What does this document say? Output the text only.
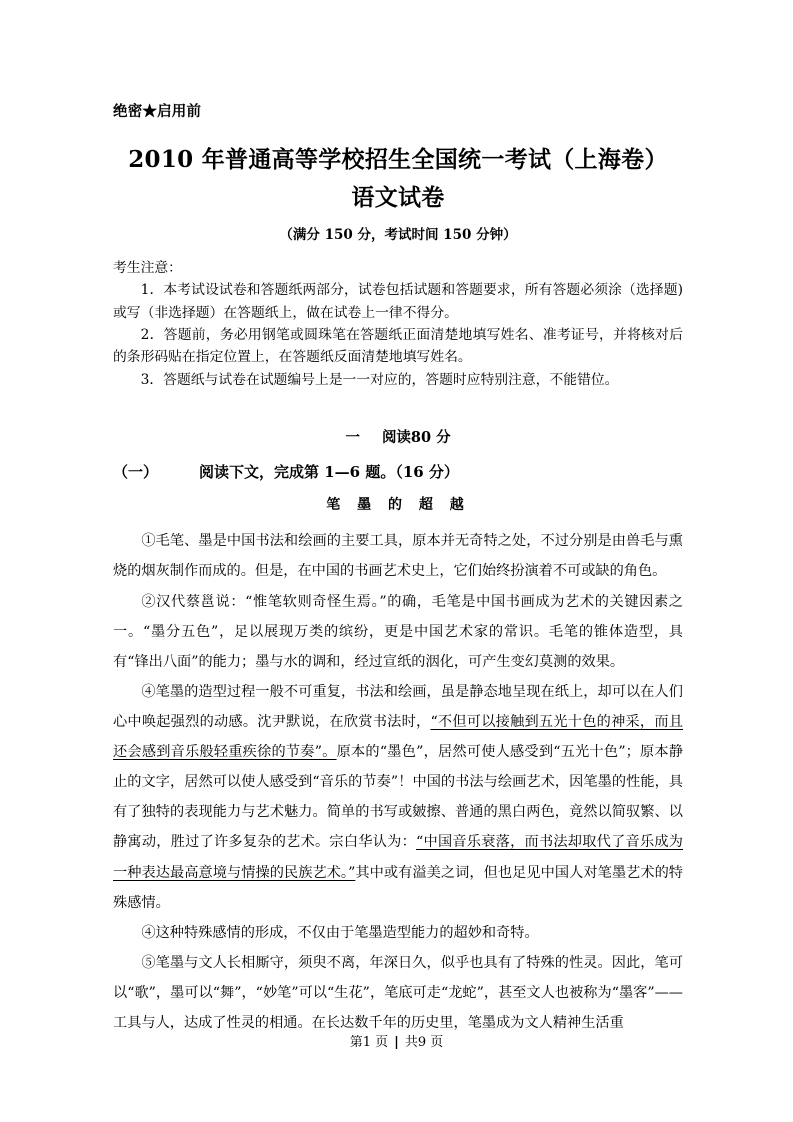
绝密★启用前
2010 年普通高等学校招生全国统一考试（上海卷）
语文试卷
（满分 150 分，考试时间 150 分钟）
考生注意：
1．本考试设试卷和答题纸两部分，试卷包括试题和答题要求，所有答题必须涂（选择题)或写（非选择题）在答题纸上，做在试卷上一律不得分。
2．答题前，务必用钢笔或圆珠笔在答题纸正面清楚地填写姓名、准考证号，并将核对后的条形码贴在指定位置上，在答题纸反面清楚地填写姓名。
3．答题纸与试卷在试题编号上是一一对应的，答题时应特别注意，不能错位。
一 阅读80 分
（一）	阅读下文，完成第 1—6 题。（16 分）
笔 墨 的 超 越

①毛笔、墨是中国书法和绘画的主要工具，原本并无奇特之处，不过分别是由兽毛与熏烧的烟灰制作而成的。但是，在中国的书画艺术史上，它们始终扮演着不可或缺的角色。

②汉代蔡邕说：“惟笔软则奇怪生焉。”的确，毛笔是中国书画成为艺术的关键因素之一。“墨分五色”，足以展现万类的缤纷，更是中国艺术家的常识。毛笔的锥体造型，具有“锋出八面”的能力；墨与水的调和，经过宣纸的洇化，可产生变幻莫测的效果。

④笔墨的造型过程一般不可重复，书法和绘画，虽是静态地呈现在纸上，却可以在人们心中唤起强烈的动感。沈尹默说，在欣赏书法时，“不但可以接触到五光十色的神采，而且还会感到音乐般轻重疾徐的节奏”。原本的“墨色”，居然可使人感受到“五光十色”；原本静止的文字，居然可以使人感受到“音乐的节奏”！中国的书法与绘画艺术，因笔墨的性能，具有了独特的表现能力与艺术魅力。简单的书写或皴擦、普通的黑白两色，竟然以简驭繁、以静寓动，胜过了许多复杂的艺术。宗白华认为：“中国音乐衰落，而书法却取代了音乐成为一种表达最高意境与情操的民族艺术。”其中或有溢美之词，但也足见中国人对笔墨艺术的特殊感情。

④这种特殊感情的形成，不仅由于笔墨造型能力的超妙和奇特。

⑤笔墨与文人长相厮守，须臾不离，年深日久，似乎也具有了特殊的性灵。因此，笔可以“歌”，墨可以“舞”，“妙笔”可以“生花”，笔底可走“龙蛇”，甚至文人也被称为“墨客”——工具与人，达成了性灵的相通。在长达数千年的历史里，笔墨成为文人精神生活重

第1 页 | 共9 页
